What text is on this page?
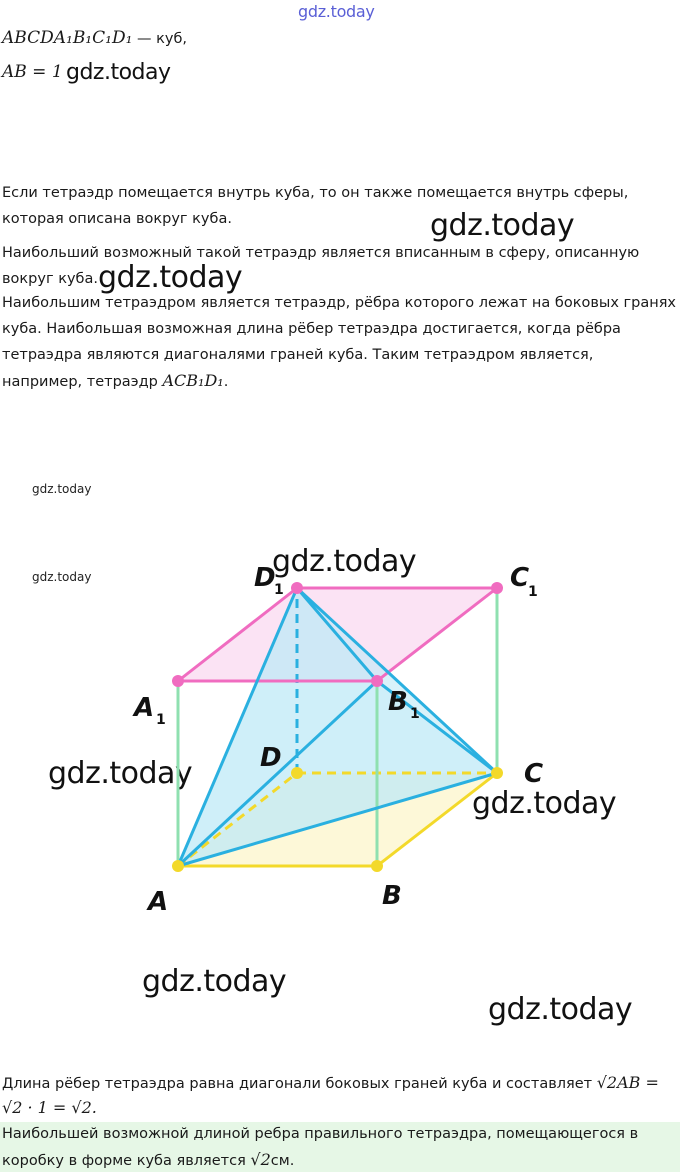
gdz.today
gdz.today
gdz.today
gdz.today
gdz.today
gdz.today	gdz.today
gdz.today
gdz.today
gdz.today
gdz.today
ABCDA₁B₁C₁D₁ — куб,
AB = 1
Если тетраэдр помещается внутрь куба, то он также помещается внутрь сферы, которая описана вокруг куба.
Наибольший возможный такой тетраэдр является вписанным в сферу, описанную вокруг куба.
Наибольшим тетраэдром является тетраэдр, рёбра которого лежат на боковых гранях куба. Наибольшая возможная длина рёбер тетраэдра достигается, когда рёбра тетраэдра являются диагоналями граней куба. Таким тетраэдром является, например, тетраэдр ACB₁D₁.
A	B
C
D
A 1
B 1
C
1
D
1
Длина рёбер тетраэдра равна диагонали боковых граней куба и составляет √2AB =
√2 · 1 = √2.
Наибольшей возможной длиной ребра правильного тетраэдра, помещающегося в коробку в форме куба является √2см.
